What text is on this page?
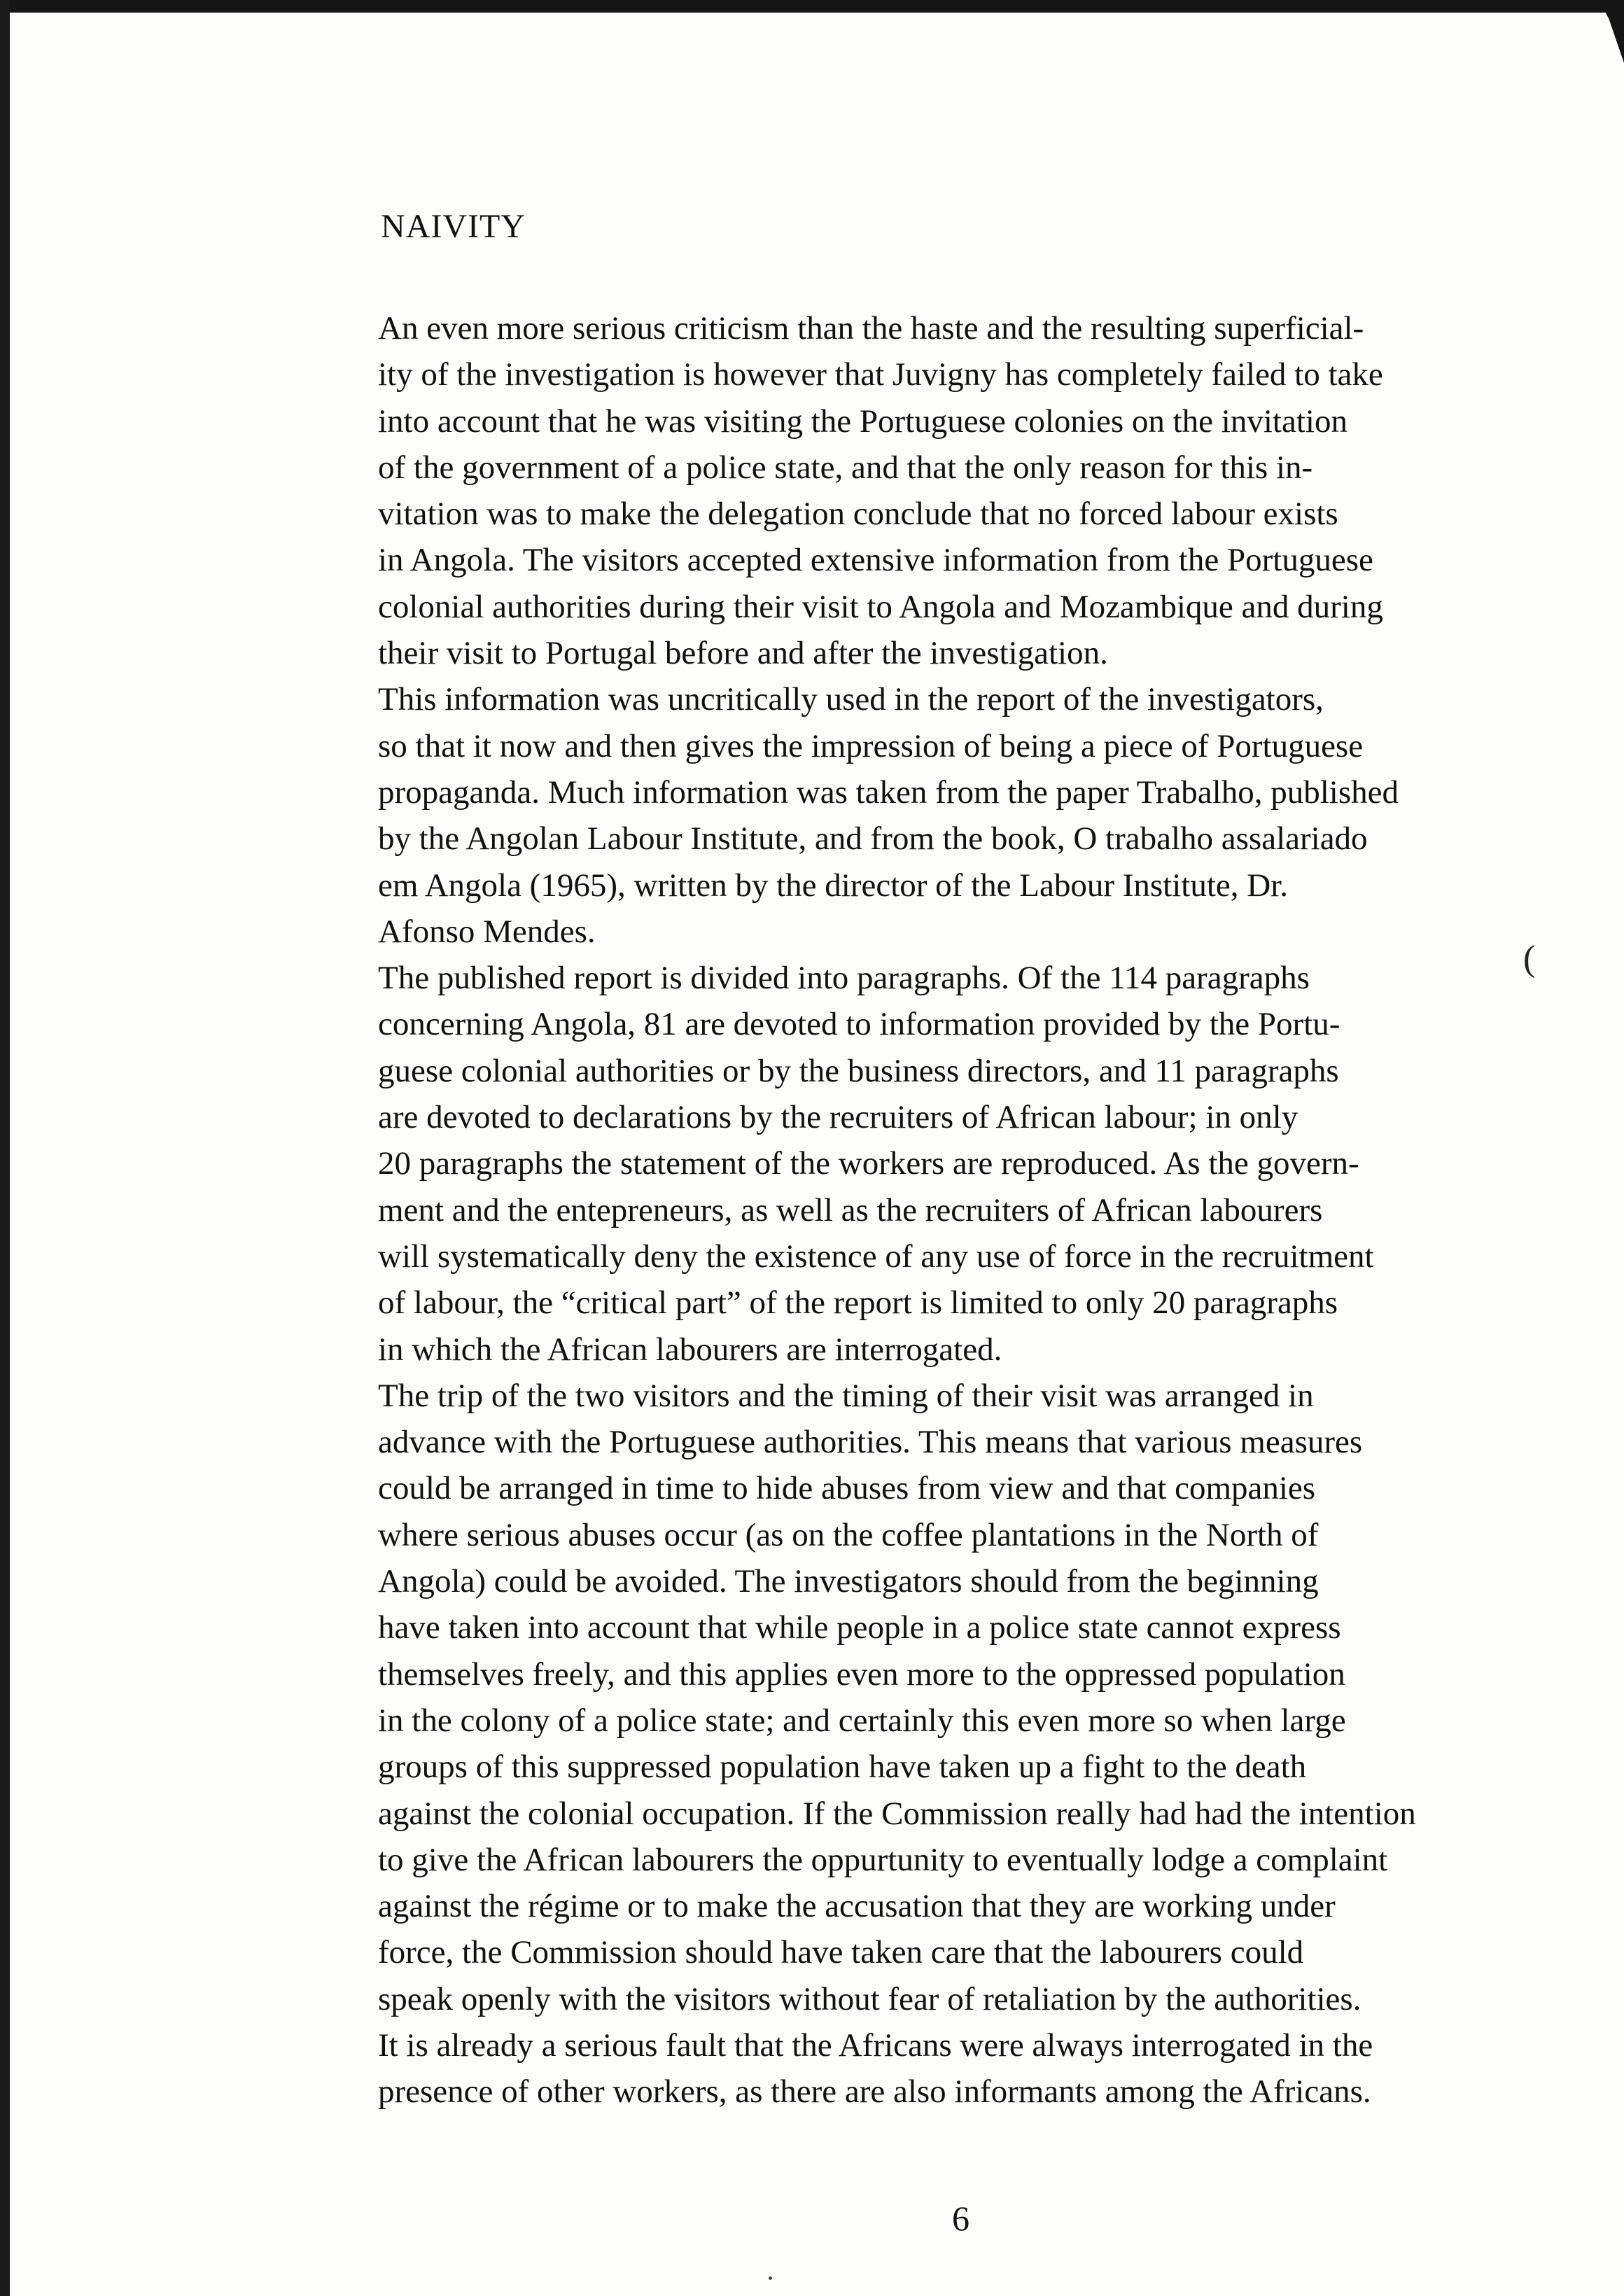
NAIVITY
An even more serious criticism than the haste and the resulting superficial-
ity of the investigation is however that Juvigny has completely failed to take
into account that he was visiting the Portuguese colonies on the invitation
of the government of a police state, and that the only reason for this in-
vitation was to make the delegation conclude that no forced labour exists
in Angola. The visitors accepted extensive information from the Portuguese
colonial authorities during their visit to Angola and Mozambique and during
their visit to Portugal before and after the investigation.
This information was uncritically used in the report of the investigators,
so that it now and then gives the impression of being a piece of Portuguese
propaganda. Much information was taken from the paper Trabalho, published
by the Angolan Labour Institute, and from the book, O trabalho assalariado
em Angola (1965), written by the director of the Labour Institute, Dr.
Afonso Mendes.
The published report is divided into paragraphs. Of the 114 paragraphs
concerning Angola, 81 are devoted to information provided by the Portu-
guese colonial authorities or by the business directors, and 11 paragraphs
are devoted to declarations by the recruiters of African labour; in only
20 paragraphs the statement of the workers are reproduced. As the govern-
ment and the entepreneurs, as well as the recruiters of African labourers
will systematically deny the existence of any use of force in the recruitment
of labour, the “critical part” of the report is limited to only 20 paragraphs
in which the African labourers are interrogated.
The trip of the two visitors and the timing of their visit was arranged in
advance with the Portuguese authorities. This means that various measures
could be arranged in time to hide abuses from view and that companies
where serious abuses occur (as on the coffee plantations in the North of
Angola) could be avoided. The investigators should from the beginning
have taken into account that while people in a police state cannot express
themselves freely, and this applies even more to the oppressed population
in the colony of a police state; and certainly this even more so when large
groups of this suppressed population have taken up a fight to the death
against the colonial occupation. If the Commission really had had the intention
to give the African labourers the oppurtunity to eventually lodge a complaint
against the régime or to make the accusation that they are working under
force, the Commission should have taken care that the labourers could
speak openly with the visitors without fear of retaliation by the authorities.
It is already a serious fault that the Africans were always interrogated in the
presence of other workers, as there are also informants among the Africans.
(
6
